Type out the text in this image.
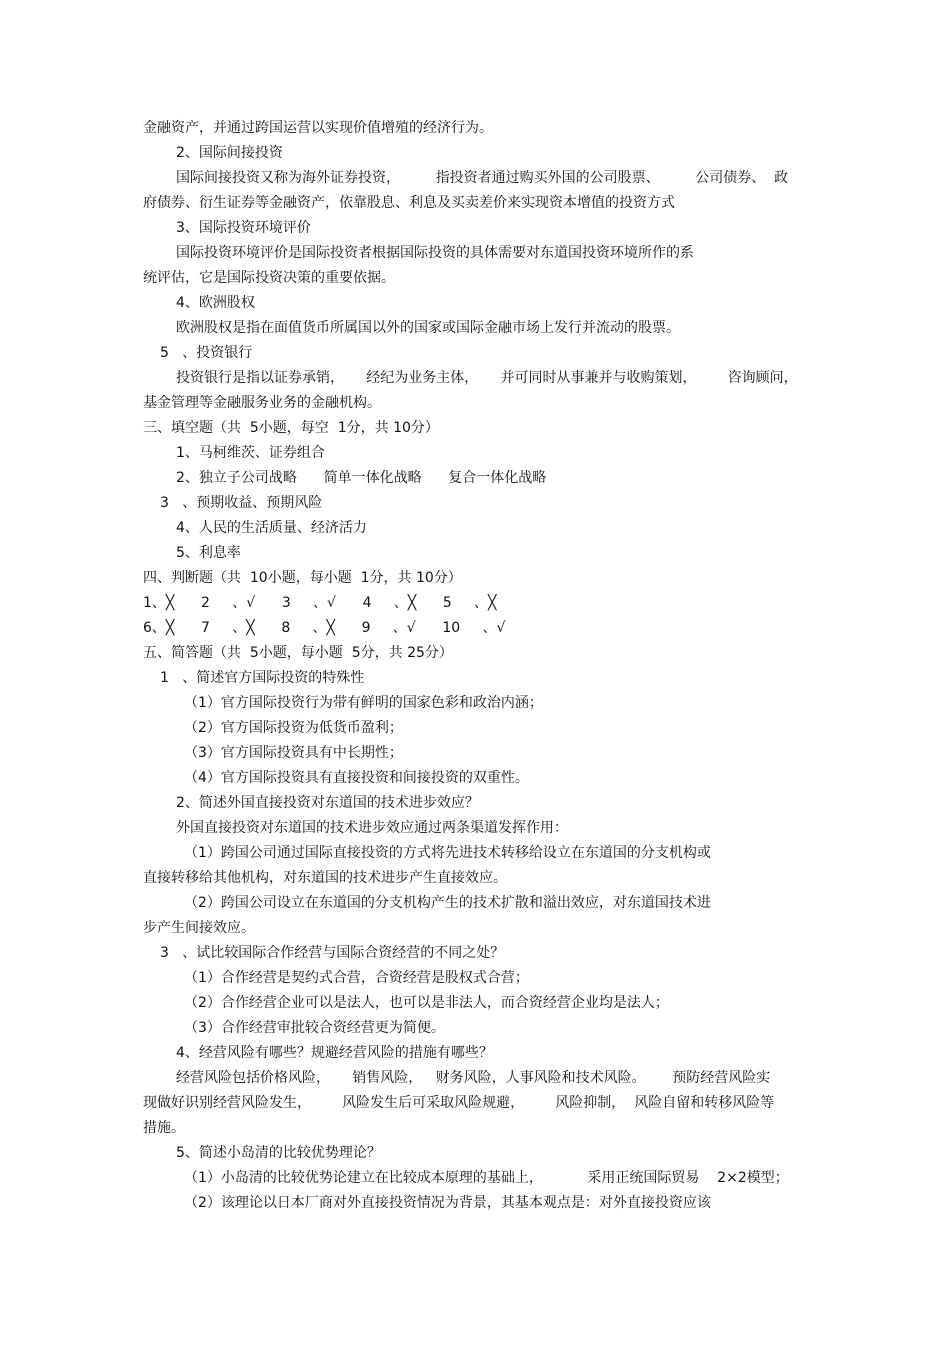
金融资产，并通过跨国运营以实现价值增殖的经济行为。
2、国际间接投资
国际间接投资又称为海外证券投资，        指投资者通过购买外国的公司股票、        公司债券、  政
府债券、衍生证券等金融资产，依靠股息、利息及买卖差价来实现资本增值的投资方式
3、国际投资环境评价
国际投资环境评价是国际投资者根据国际投资的具体需要对东道国投资环境所作的系
统评估，它是国际投资决策的重要依据。
4、欧洲股权
欧洲股权是指在面值货币所属国以外的国家或国际金融市场上发行并流动的股票。
5   、投资银行
投资银行是指以证券承销，     经纪为业务主体，     并可同时从事兼并与收购策划，       咨询顾问，
基金管理等金融服务业务的金融机构。
三、填空题（共  5小题，每空  1分，共 10分）
1、马柯维茨、证券组合
2、独立子公司战略      简单一体化战略      复合一体化战略
3   、预期收益、预期风险
4、人民的生活质量、经济活力
5、利息率
四、判断题（共  10小题，每小题  1分，共 10分）
1、╳      2     、√      3     、√      4     、╳      5     、╳
6、╳      7     、╳      8     、╳      9     、√      10     、√
五、简答题（共  5小题，每小题  5分，共 25分）
1   、简述官方国际投资的特殊性
（1）官方国际投资行为带有鲜明的国家色彩和政治内涵；
（2）官方国际投资为低货币盈利；
（3）官方国际投资具有中长期性；
（4）官方国际投资具有直接投资和间接投资的双重性。
2、简述外国直接投资对东道国的技术进步效应？
外国直接投资对东道国的技术进步效应通过两条渠道发挥作用：
（1）跨国公司通过国际直接投资的方式将先进技术转移给设立在东道国的分支机构或
直接转移给其他机构，对东道国的技术进步产生直接效应。
（2）跨国公司设立在东道国的分支机构产生的技术扩散和溢出效应，对东道国技术进
步产生间接效应。
3   、试比较国际合作经营与国际合资经营的不同之处？
（1）合作经营是契约式合营，合资经营是股权式合营；
（2）合作经营企业可以是法人，也可以是非法人，而合资经营企业均是法人；
（3）合作经营审批较合资经营更为简便。
4、经营风险有哪些？规避经营风险的措施有哪些？
经营风险包括价格风险，     销售风险，   财务风险，人事风险和技术风险。      预防经营风险实
现做好识别经营风险发生，       风险发生后可采取风险规避，       风险抑制，  风险自留和转移风险等
措施。
5、简述小岛清的比较优势理论？
（1）小岛清的比较优势论建立在比较成本原理的基础上，          采用正统国际贸易    2×2模型；
（2）该理论以日本厂商对外直接投资情况为背景，其基本观点是：对外直接投资应该
